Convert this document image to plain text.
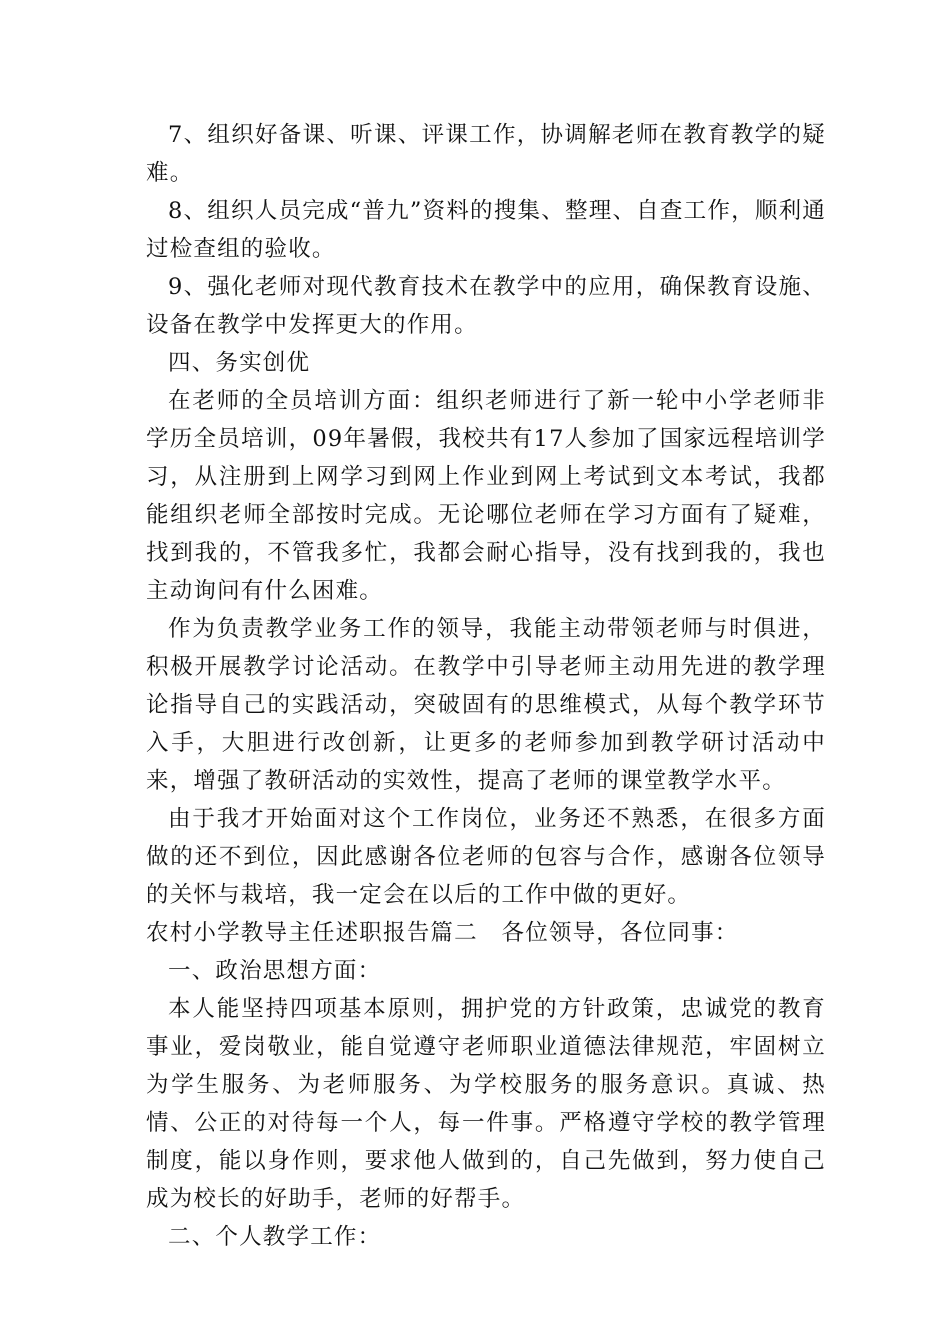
7、组织好备课、听课、评课工作，协调解老师在教育教学的疑难。

8、组织人员完成“普九”资料的搜集、整理、自查工作，顺利通过检查组的验收。

9、强化老师对现代教育技术在教学中的应用，确保教育设施、设备在教学中发挥更大的作用。

四、务实创优

在老师的全员培训方面：组织老师进行了新一轮中小学老师非学历全员培训，09年暑假，我校共有17人参加了国家远程培训学习，从注册到上网学习到网上作业到网上考试到文本考试，我都能组织老师全部按时完成。无论哪位老师在学习方面有了疑难，找到我的，不管我多忙，我都会耐心指导，没有找到我的，我也主动询问有什么困难。

作为负责教学业务工作的领导，我能主动带领老师与时俱进，积极开展教学讨论活动。在教学中引导老师主动用先进的教学理论指导自己的实践活动，突破固有的思维模式，从每个教学环节入手，大胆进行改创新，让更多的老师参加到教学研讨活动中来，增强了教研活动的实效性，提高了老师的课堂教学水平。

由于我才开始面对这个工作岗位，业务还不熟悉，在很多方面做的还不到位，因此感谢各位老师的包容与合作，感谢各位领导的关怀与栽培，我一定会在以后的工作中做的更好。

农村小学教导主任述职报告篇二　各位领导，各位同事：

一、政治思想方面：

本人能坚持四项基本原则，拥护党的方针政策，忠诚党的教育事业，爱岗敬业，能自觉遵守老师职业道德法律规范，牢固树立为学生服务、为老师服务、为学校服务的服务意识。真诚、热情、公正的对待每一个人，每一件事。严格遵守学校的教学管理制度，能以身作则，要求他人做到的，自己先做到，努力使自己成为校长的好助手，老师的好帮手。

二、个人教学工作：
